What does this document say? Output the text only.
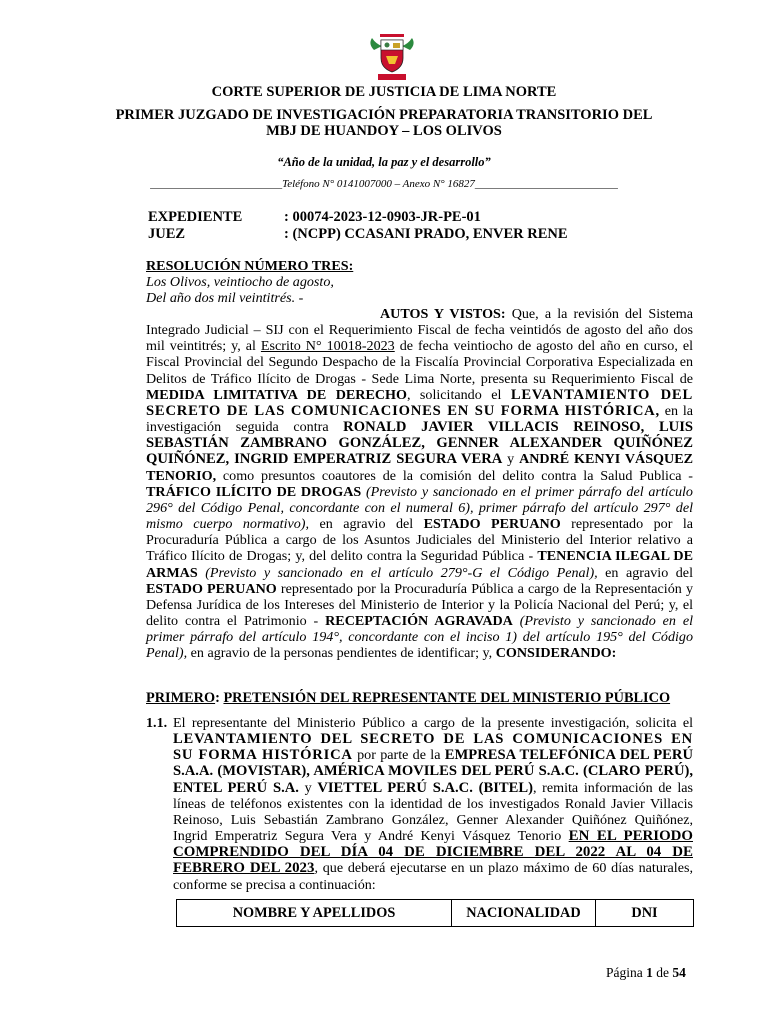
CORTE SUPERIOR DE JUSTICIA DE LIMA NORTE
PRIMER JUZGADO DE INVESTIGACIÓN PREPARATORIA TRANSITORIO DEL
MBJ DE HUANDOY – LOS OLIVOS
“Año de la unidad, la paz y el desarrollo”
________________________Teléfono N° 0141007000 – Anexo N° 16827__________________________
EXPEDIENTE	: 00074-2023-12-0903-JR-PE-01
JUEZ	: (NCPP) CCASANI PRADO, ENVER RENE
RESOLUCIÓN NÚMERO TRES:
Los Olivos, veintiocho de agosto,
Del año dos mil veintitrés. -
AUTOS Y VISTOS: Que, a la revisión del Sistema Integrado Judicial – SIJ con el Requerimiento Fiscal de fecha veintidós de agosto del año dos mil veintitrés; y, al Escrito N° 10018-2023 de fecha veintiocho de agosto del año en curso, el Fiscal Provincial del Segundo Despacho de la Fiscalía Provincial Corporativa Especializada en Delitos de Tráfico Ilícito de Drogas - Sede Lima Norte, presenta su Requerimiento Fiscal de MEDIDA LIMITATIVA DE DERECHO, solicitando el LEVANTAMIENTO DEL SECRETO DE LAS COMUNICACIONES EN SU FORMA HISTÓRICA, en la investigación seguida contra RONALD JAVIER VILLACIS REINOSO, LUIS SEBASTIÁN ZAMBRANO GONZÁLEZ, GENNER ALEXANDER QUIÑÓNEZ QUIÑÓNEZ, INGRID EMPERATRIZ SEGURA VERA y ANDRÉ KENYI VÁSQUEZ TENORIO, como presuntos coautores de la comisión del delito contra la Salud Publica - TRÁFICO ILÍCITO DE DROGAS (Previsto y sancionado en el primer párrafo del artículo 296° del Código Penal, concordante con el numeral 6), primer párrafo del artículo 297° del mismo cuerpo normativo), en agravio del ESTADO PERUANO representado por la Procuraduría Pública a cargo de los Asuntos Judiciales del Ministerio del Interior relativo a Tráfico Ilícito de Drogas; y, del delito contra la Seguridad Pública - TENENCIA ILEGAL DE ARMAS (Previsto y sancionado en el artículo 279°-G el Código Penal), en agravio del ESTADO PERUANO representado por la Procuraduría Pública a cargo de la Representación y Defensa Jurídica de los Intereses del Ministerio de Interior y la Policía Nacional del Perú; y, el delito contra el Patrimonio - RECEPTACIÓN AGRAVADA (Previsto y sancionado en el primer párrafo del artículo 194°, concordante con el inciso 1) del artículo 195° del Código Penal), en agravio de la personas pendientes de identificar; y, CONSIDERANDO:
PRIMERO: PRETENSIÓN DEL REPRESENTANTE DEL MINISTERIO PÚBLICO
1.1. El representante del Ministerio Público a cargo de la presente investigación, solicita el LEVANTAMIENTO DEL SECRETO DE LAS COMUNICACIONES EN SU FORMA HISTÓRICA por parte de la EMPRESA TELEFÓNICA DEL PERÚ S.A.A. (MOVISTAR), AMÉRICA MOVILES DEL PERÚ S.A.C. (CLARO PERÚ), ENTEL PERÚ S.A. y VIETTEL PERÚ S.A.C. (BITEL), remita información de las líneas de teléfonos existentes con la identidad de los investigados Ronald Javier Villacis Reinoso, Luis Sebastián Zambrano González, Genner Alexander Quiñónez Quiñónez, Ingrid Emperatriz Segura Vera y André Kenyi Vásquez Tenorio EN EL PERIODO COMPRENDIDO DEL DÍA 04 DE DICIEMBRE DEL 2022 AL 04 DE FEBRERO DEL 2023, que deberá ejecutarse en un plazo máximo de 60 días naturales, conforme se precisa a continuación:
NOMBRE Y APELLIDOS	NACIONALIDAD	DNI
Página 1 de 54
